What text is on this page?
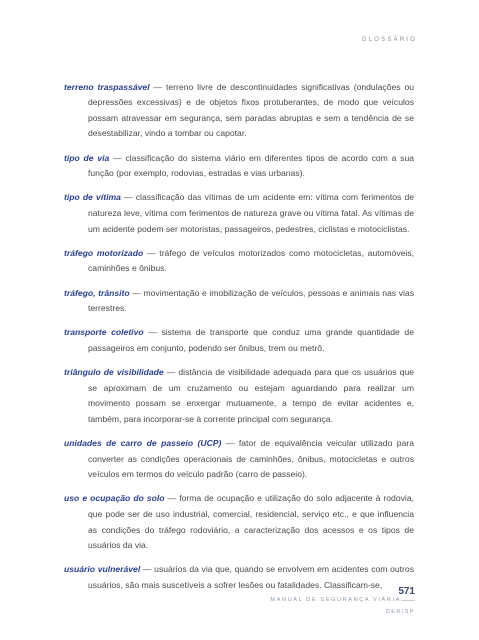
GLOSSÁRIO

terreno traspassável — terreno livre de descontinuidades significativas (ondulações ou depressões excessivas) e de objetos fixos protuberantes, de modo que veículos possam atravessar em segurança, sem paradas abruptas e sem a tendência de se desestabilizar, vindo a tombar ou capotar.

tipo de via — classificação do sistema viário em diferentes tipos de acordo com a sua função (por exemplo, rodovias, estradas e vias urbanas).

tipo de vítima — classificação das vítimas de um acidente em: vítima com ferimentos de natureza leve, vítima com ferimentos de natureza grave ou vítima fatal. As vítimas de um acidente podem ser motoristas, passageiros, pedestres, ciclistas e motociclistas.

tráfego motorizado — tráfego de veículos motorizados como motocicletas, automóveis, caminhões e ônibus.

tráfego, trânsito — movimentação e imobilização de veículos, pessoas e animais nas vias terrestres.

transporte coletivo — sistema de transporte que conduz uma grande quantidade de passageiros em conjunto, podendo ser ônibus, trem ou metrô.

triângulo de visibilidade — distância de visibilidade adequada para que os usuários que se aproximam de um cruzamento ou estejam aguardando para realizar um movimento possam se enxergar mutuamente, a tempo de evitar acidentes e, também, para incorporar-se à corrente principal com segurança.

unidades de carro de passeio (UCP) — fator de equivalência veicular utilizado para converter as condições operacionais de caminhões, ônibus, motocicletas e outros veículos em termos do veículo padrão (carro de passeio).

uso e ocupação do solo — forma de ocupação e utilização do solo adjacente à rodovia, que pode ser de uso industrial, comercial, residencial, serviço etc., e que influencia as condições do tráfego rodoviário, a caracterização dos acessos e os tipos de usuários da via.

usuário vulnerável — usuários da via que, quando se envolvem em acidentes com outros usuários, são mais suscetíveis a sofrer lesões ou fatalidades. Classificam-se,

571
MANUAL DE SEGURANÇA VIÁRIA
DER/SP
